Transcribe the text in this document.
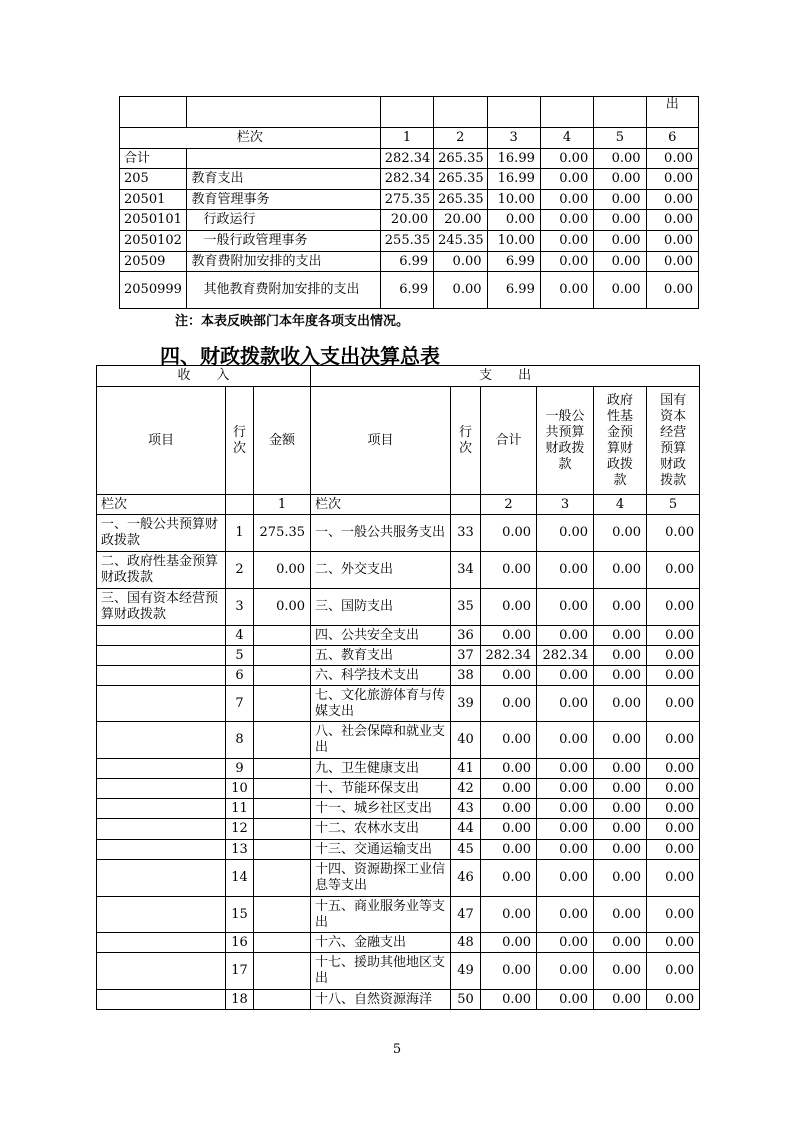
							出
栏次		1	2	3	4	5	6
合计		282.34	265.35	16.99	0.00	0.00	0.00
205	教育支出	282.34	265.35	16.99	0.00	0.00	0.00
20501	教育管理事务	275.35	265.35	10.00	0.00	0.00	0.00
2050101	行政运行	20.00	20.00	0.00	0.00	0.00	0.00
2050102	一般行政管理事务	255.35	245.35	10.00	0.00	0.00	0.00
20509	教育费附加安排的支出	6.99	0.00	6.99	0.00	0.00	0.00
2050999	其他教育费附加安排的支出	6.99	0.00	6.99	0.00	0.00	0.00
注：本表反映部门本年度各项支出情况。
四、财政拨款收入支出决算总表
收　　入			支　　出					
项目	行次	金额	项目	行次	合计	一般公共预算财政拨款	政府性基金预算财政拨款	国有资本经营预算财政拨款
栏次		1	栏次		2	3	4	5
一、一般公共预算财政拨款	1	275.35	一、一般公共服务支出	33	0.00	0.00	0.00	0.00
二、政府性基金预算财政拨款	2	0.00	二、外交支出	34	0.00	0.00	0.00	0.00
三、国有资本经营预算财政拨款	3	0.00	三、国防支出	35	0.00	0.00	0.00	0.00
	4		四、公共安全支出	36	0.00	0.00	0.00	0.00
	5		五、教育支出	37	282.34	282.34	0.00	0.00
	6		六、科学技术支出	38	0.00	0.00	0.00	0.00
	7		七、文化旅游体育与传媒支出	39	0.00	0.00	0.00	0.00
	8		八、社会保障和就业支出	40	0.00	0.00	0.00	0.00
	9		九、卫生健康支出	41	0.00	0.00	0.00	0.00
	10		十、节能环保支出	42	0.00	0.00	0.00	0.00
	11		十一、城乡社区支出	43	0.00	0.00	0.00	0.00
	12		十二、农林水支出	44	0.00	0.00	0.00	0.00
	13		十三、交通运输支出	45	0.00	0.00	0.00	0.00
	14		十四、资源勘探工业信息等支出	46	0.00	0.00	0.00	0.00
	15		十五、商业服务业等支出	47	0.00	0.00	0.00	0.00
	16		十六、金融支出	48	0.00	0.00	0.00	0.00
	17		十七、援助其他地区支出	49	0.00	0.00	0.00	0.00
	18		十八、自然资源海洋	50	0.00	0.00	0.00	0.00
5
